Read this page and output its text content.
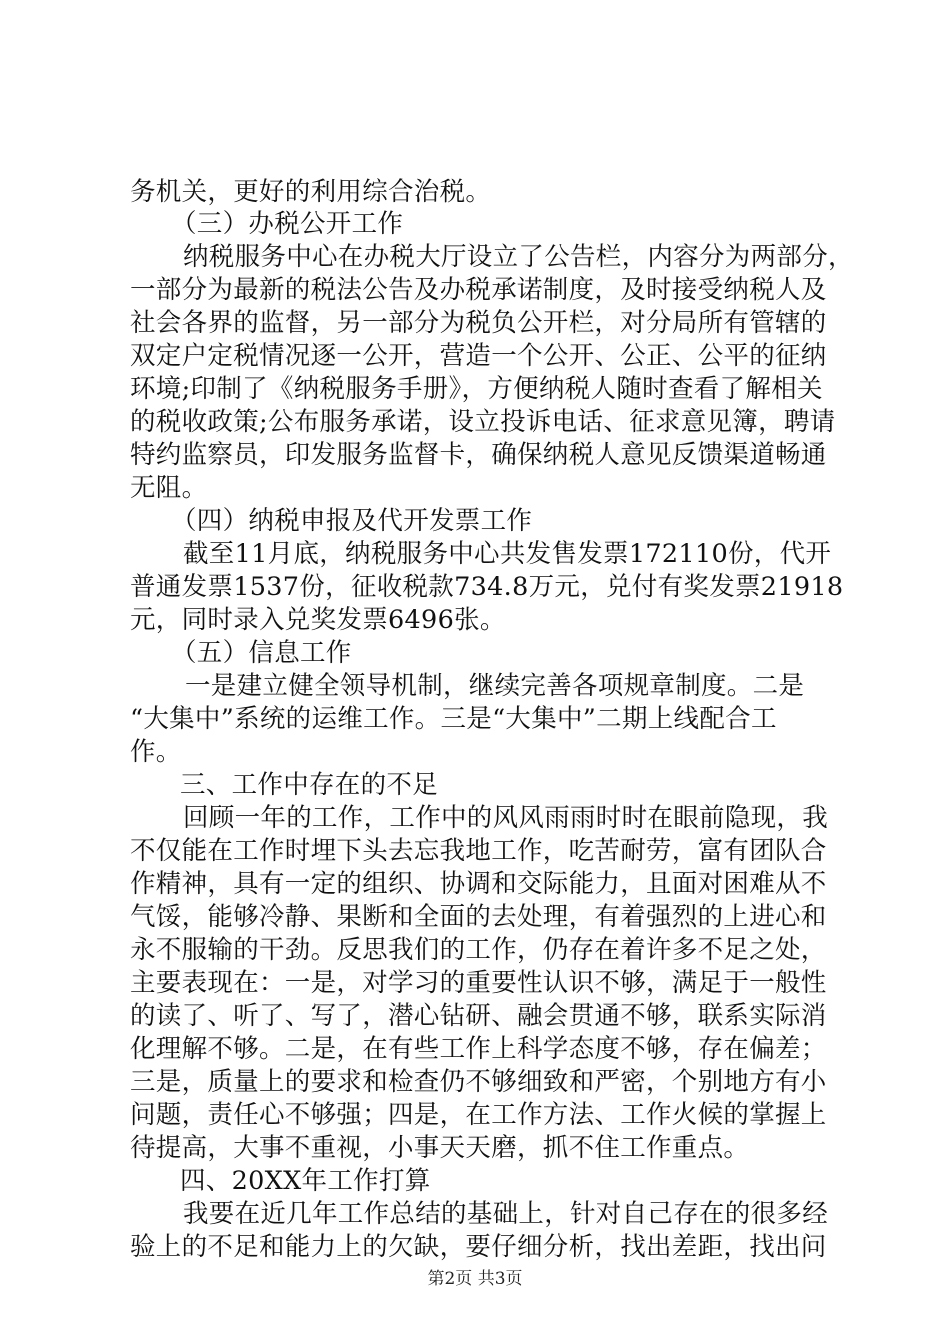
务机关，更好的利用综合治税。
（三）办税公开工作
纳税服务中心在办税大厅设立了公告栏，内容分为两部分，
一部分为最新的税法公告及办税承诺制度，及时接受纳税人及
社会各界的监督，另一部分为税负公开栏，对分局所有管辖的
双定户定税情况逐一公开，营造一个公开、公正、公平的征纳
环境;印制了《纳税服务手册》，方便纳税人随时查看了解相关
的税收政策;公布服务承诺，设立投诉电话、征求意见簿，聘请
特约监察员，印发服务监督卡，确保纳税人意见反馈渠道畅通
无阻。
（四）纳税申报及代开发票工作
截至11月底，纳税服务中心共发售发票172110份，代开
普通发票1537份，征收税款734.8万元，兑付有奖发票21918
元，同时录入兑奖发票6496张。
（五）信息工作
一是建立健全领导机制，继续完善各项规章制度。二是
“大集中”系统的运维工作。三是“大集中”二期上线配合工
作。
三、工作中存在的不足
回顾一年的工作，工作中的风风雨雨时时在眼前隐现，我
不仅能在工作时埋下头去忘我地工作，吃苦耐劳，富有团队合
作精神，具有一定的组织、协调和交际能力，且面对困难从不
气馁，能够冷静、果断和全面的去处理，有着强烈的上进心和
永不服输的干劲。反思我们的工作，仍存在着许多不足之处，
主要表现在：一是，对学习的重要性认识不够，满足于一般性
的读了、听了、写了，潜心钻研、融会贯通不够，联系实际消
化理解不够。二是，在有些工作上科学态度不够，存在偏差；
三是，质量上的要求和检查仍不够细致和严密，个别地方有小
问题，责任心不够强；四是，在工作方法、工作火候的掌握上
待提高，大事不重视，小事天天磨，抓不住工作重点。
四、20XX年工作打算
我要在近几年工作总结的基础上，针对自己存在的很多经
验上的不足和能力上的欠缺，要仔细分析，找出差距，找出问
第2页 共3页
